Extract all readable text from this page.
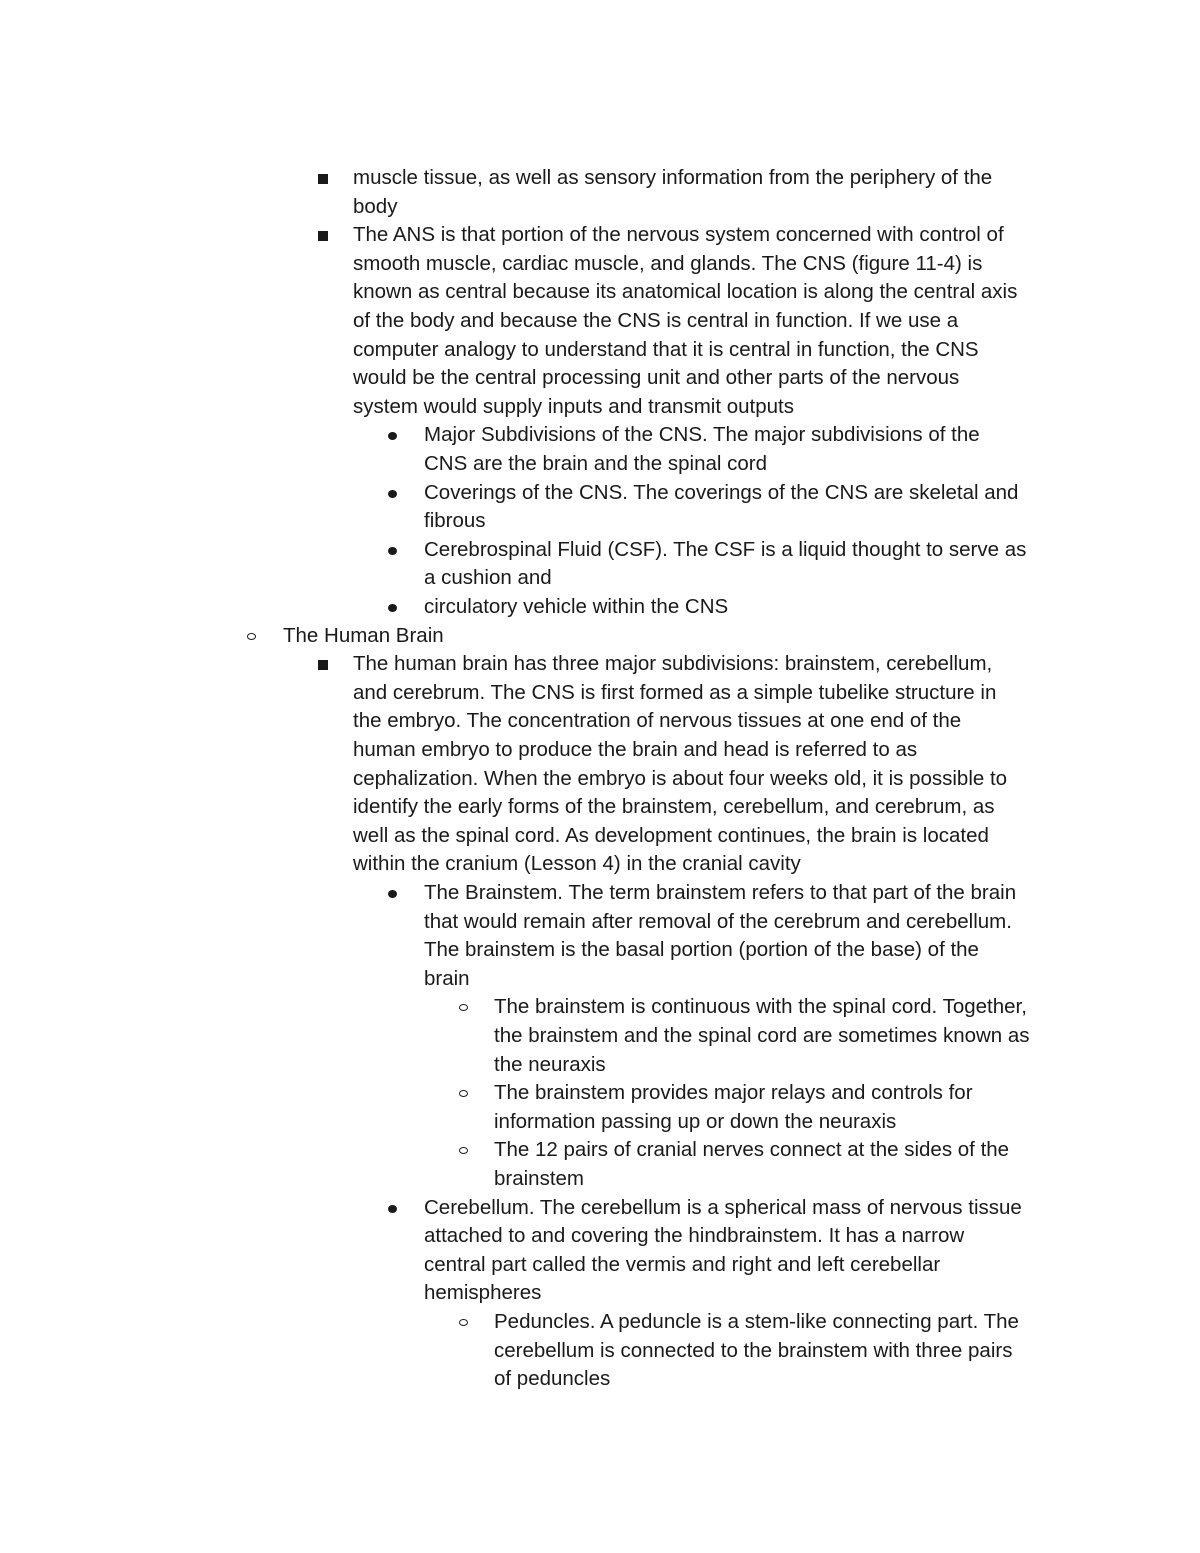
muscle tissue, as well as sensory information from the periphery of the
body
The ANS is that portion of the nervous system concerned with control of
smooth muscle, cardiac muscle, and glands. The CNS (figure 11-4) is
known as central because its anatomical location is along the central axis
of the body and because the CNS is central in function. If we use a
computer analogy to understand that it is central in function, the CNS
would be the central processing unit and other parts of the nervous
system would supply inputs and transmit outputs
Major Subdivisions of the CNS. The major subdivisions of the
CNS are the brain and the spinal cord
Coverings of the CNS. The coverings of the CNS are skeletal and
fibrous
Cerebrospinal Fluid (CSF). The CSF is a liquid thought to serve as
a cushion and
circulatory vehicle within the CNS
The Human Brain
The human brain has three major subdivisions: brainstem, cerebellum,
and cerebrum. The CNS is first formed as a simple tubelike structure in
the embryo. The concentration of nervous tissues at one end of the
human embryo to produce the brain and head is referred to as
cephalization. When the embryo is about four weeks old, it is possible to
identify the early forms of the brainstem, cerebellum, and cerebrum, as
well as the spinal cord. As development continues, the brain is located
within the cranium (Lesson 4) in the cranial cavity
The Brainstem. The term brainstem refers to that part of the brain
that would remain after removal of the cerebrum and cerebellum.
The brainstem is the basal portion (portion of the base) of the
brain
The brainstem is continuous with the spinal cord. Together,
the brainstem and the spinal cord are sometimes known as
the neuraxis
The brainstem provides major relays and controls for
information passing up or down the neuraxis
The 12 pairs of cranial nerves connect at the sides of the
brainstem
Cerebellum. The cerebellum is a spherical mass of nervous tissue
attached to and covering the hindbrainstem. It has a narrow
central part called the vermis and right and left cerebellar
hemispheres
Peduncles. A peduncle is a stem-like connecting part. The
cerebellum is connected to the brainstem with three pairs
of peduncles
